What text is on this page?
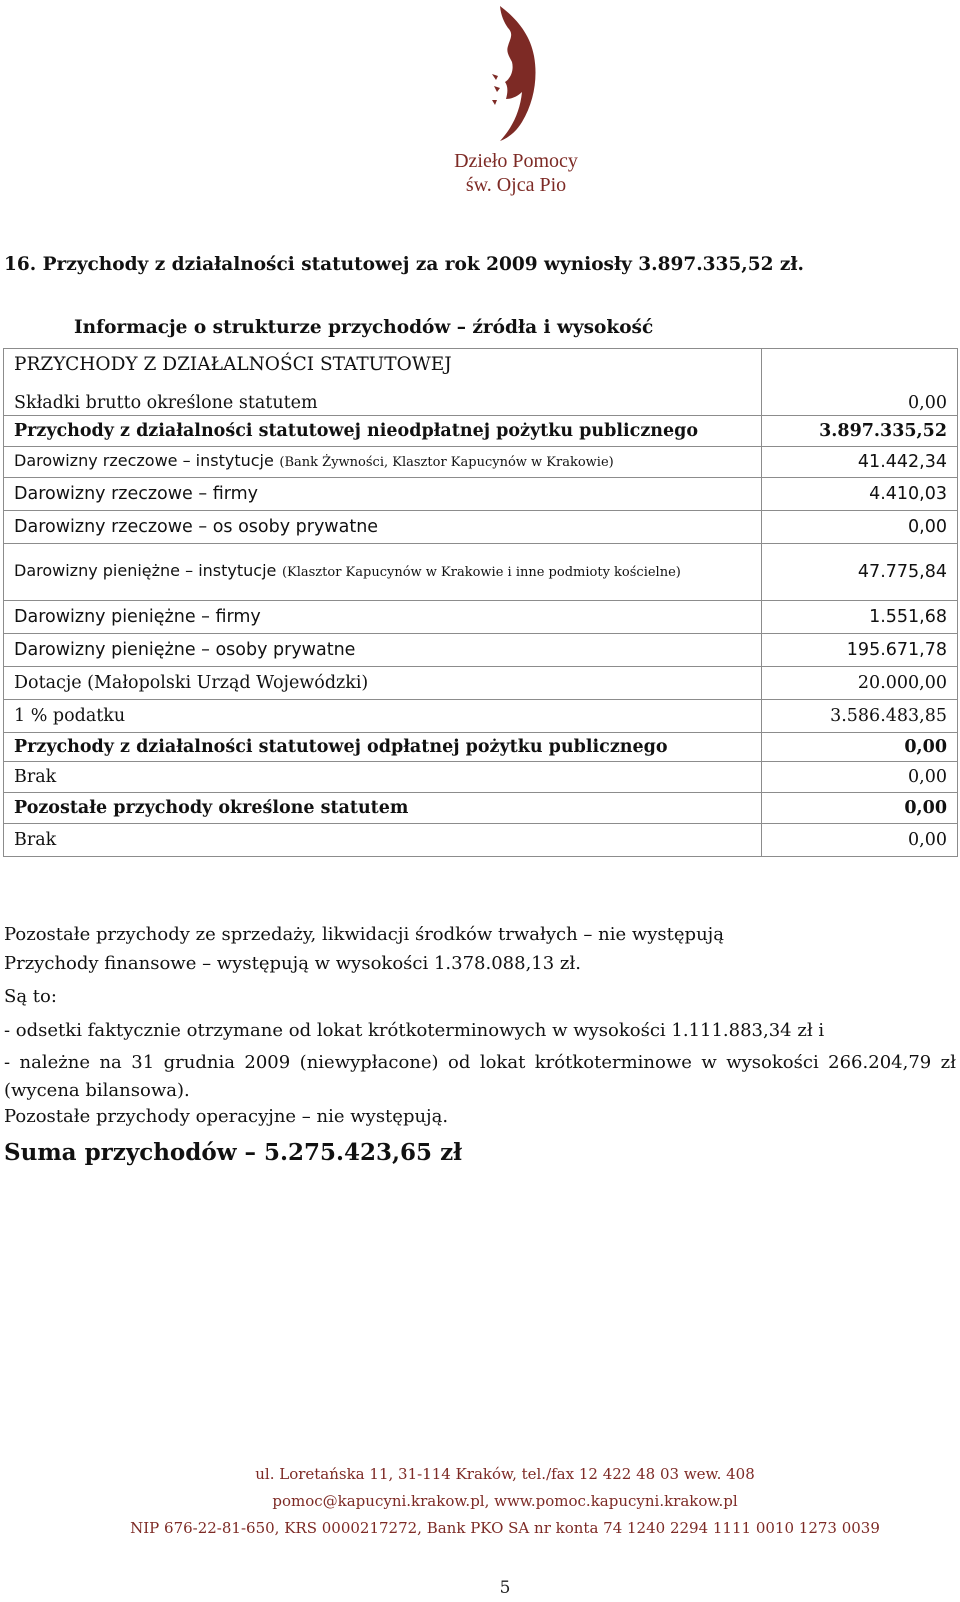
Dzieło Pomocy
św. Ojca Pio
16. Przychody z działalności statutowej za rok 2009 wyniosły 3.897.335,52 zł.
Informacje o strukturze przychodów – źródła i wysokość

Składki brutto określone statutem	0,00
Przychody z działalności statutowej nieodpłatnej pożytku publicznego	3.897.335,52
Darowizny rzeczowe – instytucje (Bank Żywności, Klasztor Kapucynów w Krakowie)	41.442,34
Darowizny rzeczowe – firmy	4.410,03
Darowizny rzeczowe – os osoby prywatne	0,00
Darowizny pieniężne – instytucje (Klasztor Kapucynów w Krakowie i inne podmioty kościelne)	47.775,84
Darowizny pieniężne – firmy	1.551,68
Darowizny pieniężne – osoby prywatne	195.671,78
Dotacje (Małopolski Urząd Wojewódzki)	20.000,00
1 % podatku	3.586.483,85
Przychody z działalności statutowej odpłatnej pożytku publicznego	0,00
Brak	0,00
Pozostałe przychody określone statutem	0,00
Brak	0,00
PRZYCHODY Z DZIAŁALNOŚCI STATUTOWEJ
Pozostałe przychody ze sprzedaży, likwidacji środków trwałych – nie występują
Przychody finansowe – występują w wysokości 1.378.088,13 zł.
Są to:
- odsetki faktycznie otrzymane od lokat krótkoterminowych w wysokości 1.111.883,34 zł i
- należne na 31 grudnia 2009 (niewypłacone) od lokat krótkoterminowe w wysokości 266.204,79 zł (wycena bilansowa).
Pozostałe przychody operacyjne – nie występują.
Suma przychodów – 5.275.423,65 zł
ul. Loretańska 11, 31-114 Kraków, tel./fax 12 422 48 03 wew. 408
pomoc@kapucyni.krakow.pl, www.pomoc.kapucyni.krakow.pl
NIP 676-22-81-650, KRS 0000217272, Bank PKO SA nr konta 74 1240 2294 1111 0010 1273 0039
5
